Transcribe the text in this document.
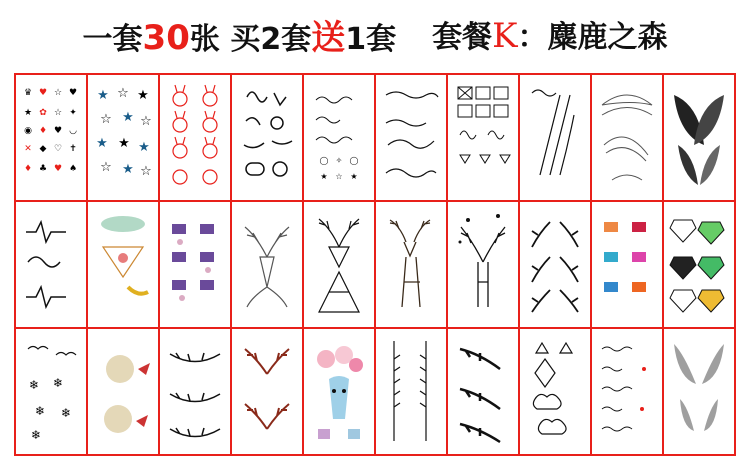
一套30张 买2套送1套 套餐K：麋鹿之森
♛ ♥ ☆ ♥
★ ✿ ☆ ✦
◉ ♦ ♥ ◡
✕ ◆ ♡ ✝
♦ ♣ ♥ ♠
★ ☆ ★
☆ ★ ☆
★ ★ ★
☆ ★ ☆
◯ ✧ ◯
★ ☆ ★
❄ ❄
❄ ❄
❄
